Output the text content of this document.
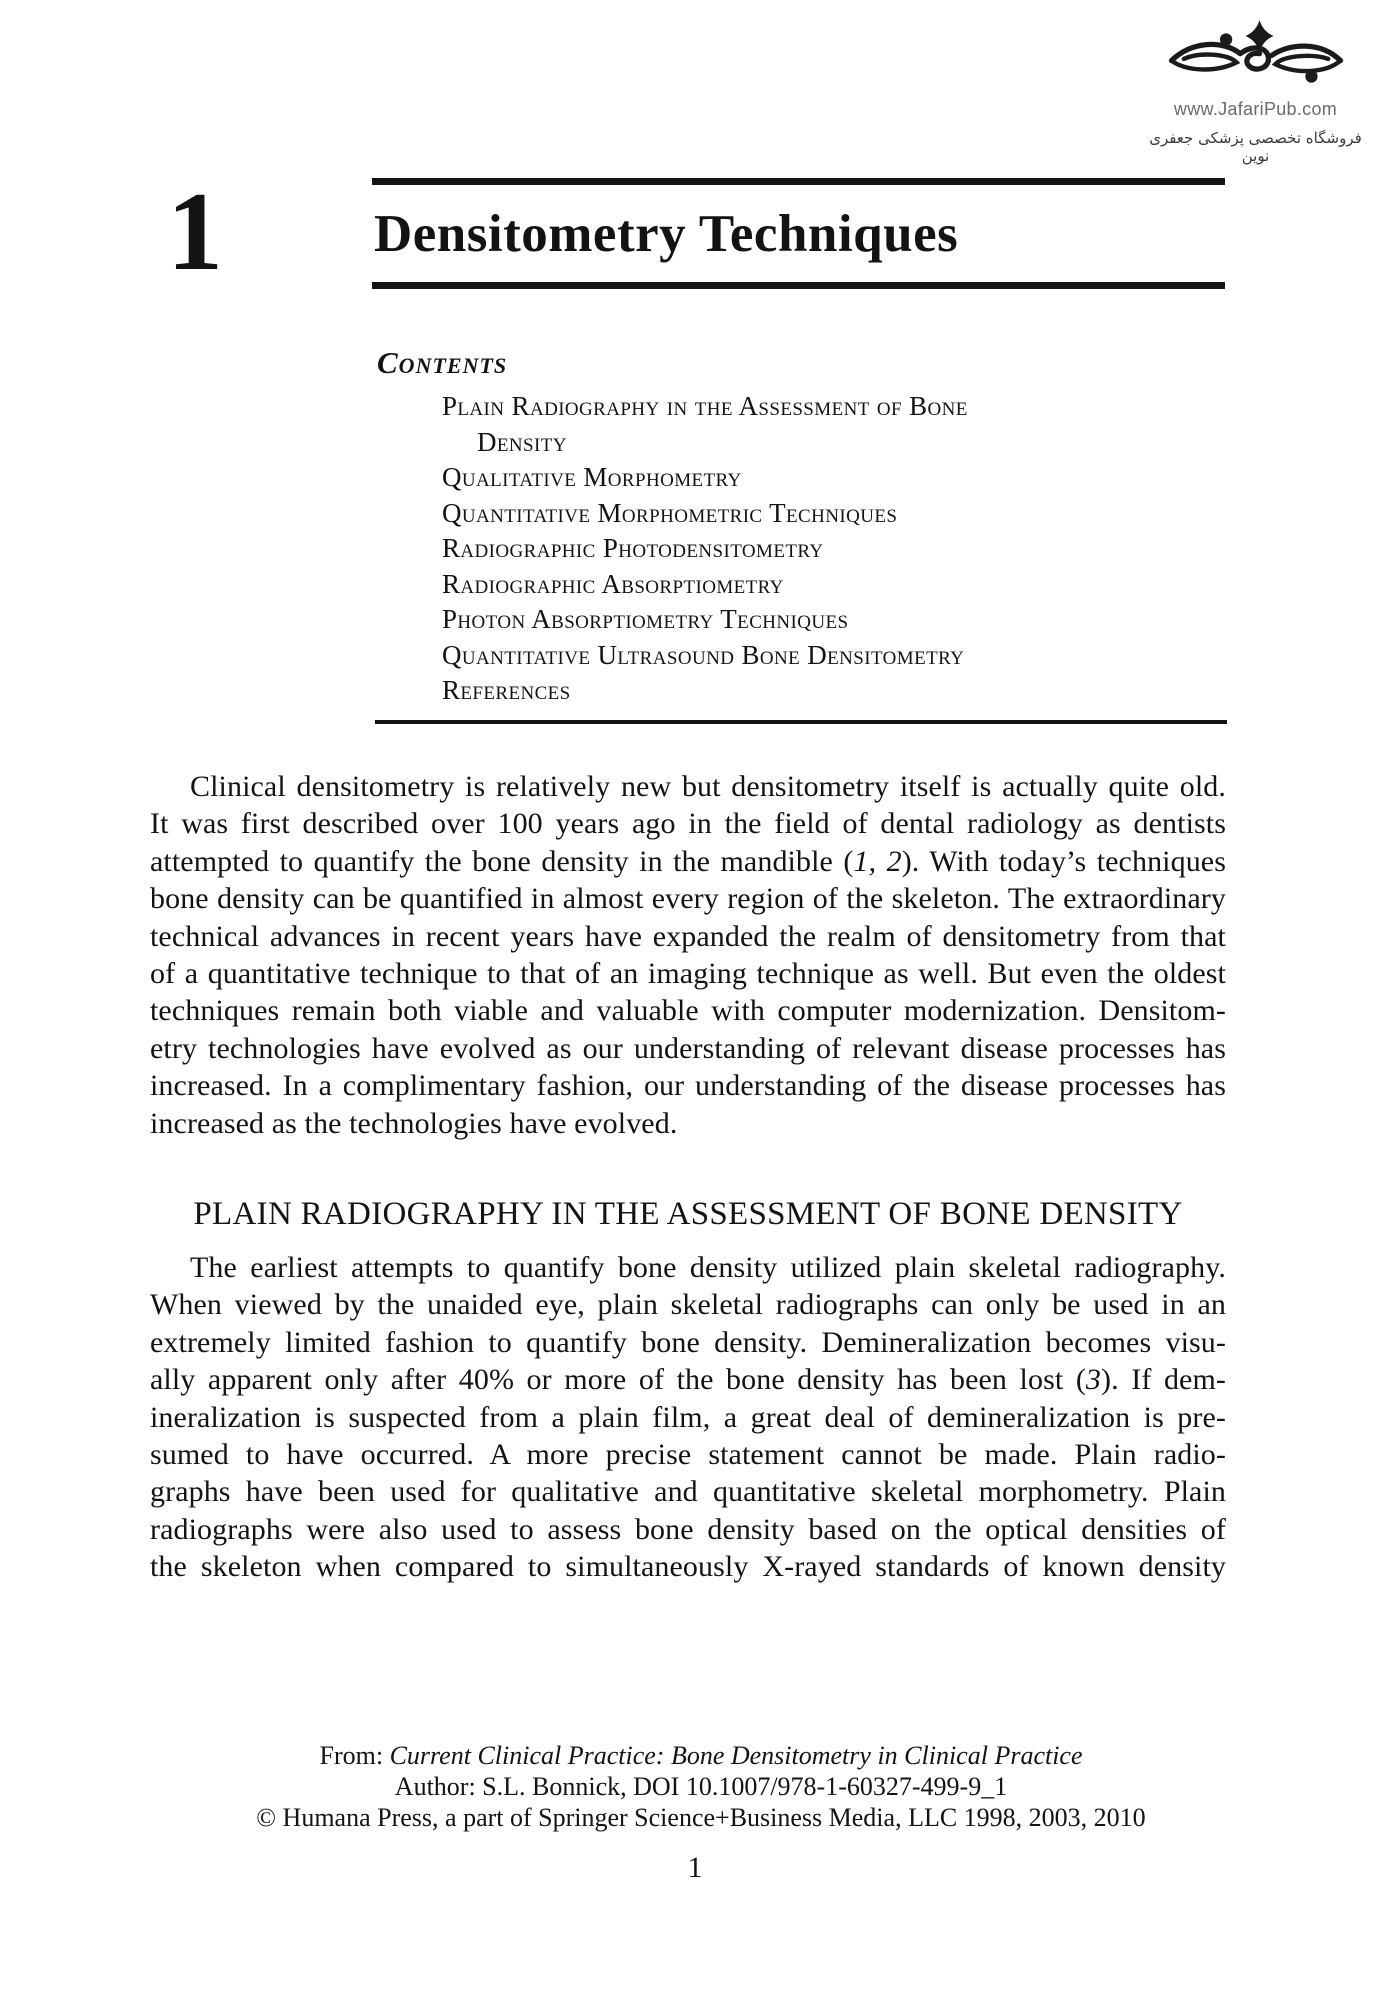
www.JafariPub.com
فروشگاه تخصصی پزشکی جعفری نوین
1	Densitometry Techniques
Contents
Plain Radiography in the Assessment of Bone
Density
Qualitative Morphometry
Quantitative Morphometric Techniques
Radiographic Photodensitometry
Radiographic Absorptiometry
Photon Absorptiometry Techniques
Quantitative Ultrasound Bone Densitometry
References
Clinical densitometry is relatively new but densitometry itself is actually quite old.
It was first described over 100 years ago in the field of dental radiology as dentists
attempted to quantify the bone density in the mandible (1, 2). With today’s techniques
bone density can be quantified in almost every region of the skeleton. The extraordinary
technical advances in recent years have expanded the realm of densitometry from that
of a quantitative technique to that of an imaging technique as well. But even the oldest
techniques remain both viable and valuable with computer modernization. Densitom-
etry technologies have evolved as our understanding of relevant disease processes has
increased. In a complimentary fashion, our understanding of the disease processes has
increased as the technologies have evolved.
PLAIN RADIOGRAPHY IN THE ASSESSMENT OF BONE DENSITY
The earliest attempts to quantify bone density utilized plain skeletal radiography.
When viewed by the unaided eye, plain skeletal radiographs can only be used in an
extremely limited fashion to quantify bone density. Demineralization becomes visu-
ally apparent only after 40% or more of the bone density has been lost (3). If dem-
ineralization is suspected from a plain film, a great deal of demineralization is pre-
sumed to have occurred. A more precise statement cannot be made. Plain radio-
graphs have been used for qualitative and quantitative skeletal morphometry. Plain
radiographs were also used to assess bone density based on the optical densities of
the skeleton when compared to simultaneously X-rayed standards of known density
From: Current Clinical Practice: Bone Densitometry in Clinical Practice
Author: S.L. Bonnick, DOI 10.1007/978-1-60327-499-9_1
© Humana Press, a part of Springer Science+Business Media, LLC 1998, 2003, 2010
1
